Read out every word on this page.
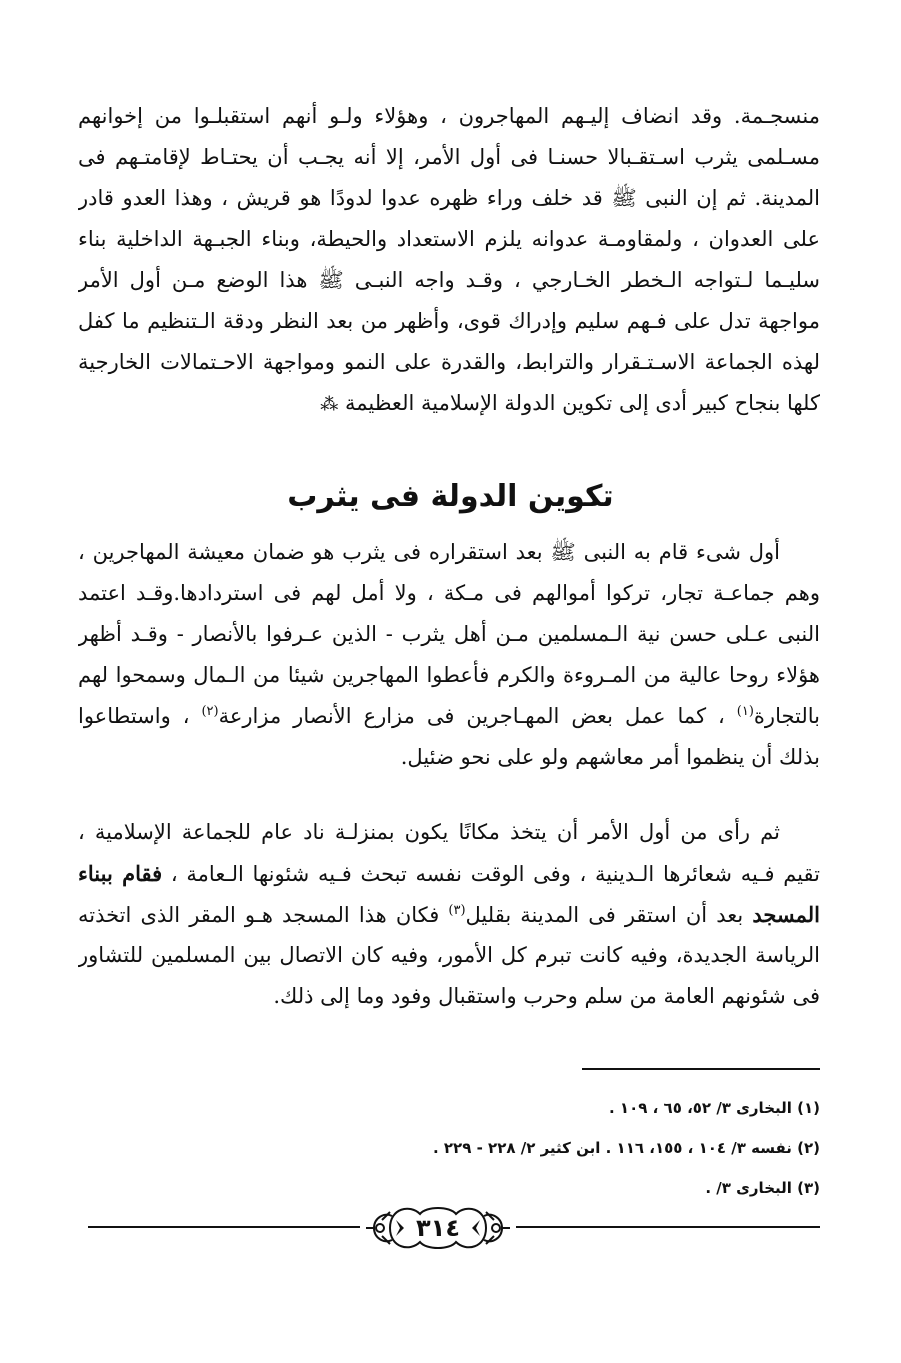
منسجـمة. وقد انضاف إليـهم المهاجرون ، وهؤلاء ولـو أنهم استقبلـوا من إخوانهم
مسـلمى يثرب اسـتقـبالا حسنـا فى أول الأمر، إلا أنه يجـب أن يحتـاط لإقامتـهم فى
المدينة. ثم إن النبى ﷺ قد خلف وراء ظهره عدوا لدودًا هو قريش ، وهذا العدو قادر
على العدوان ، ولمقاومـة عدوانه يلزم الاستعداد والحيطة، وبناء الجبـهة الداخلية بناء
سليـما لـتواجه الـخطر الخـارجي ، وقـد واجه النبـى ﷺ هذا الوضع مـن أول الأمر
مواجهة تدل على فـهم سليم وإدراك قوى، وأظهر من بعد النظر ودقة الـتنظيم ما كفل
لهذه الجماعة الاسـتـقرار والترابط، والقدرة على النمو ومواجهة الاحـتمالات الخارجية
كلها بنجاح كبير أدى إلى تكوين الدولة الإسلامية العظيمة ⁂
تكوين الدولة فى يثرب
أول شىء قام به النبى ﷺ بعد استقراره فى يثرب هو ضمان معيشة المهاجرين ،
وهم جماعـة تجار، تركوا أموالهم فى مـكة ، ولا أمل لهم فى استردادها.وقـد اعتمد
النبى عـلى حسن نية الـمسلمين مـن أهل يثرب - الذين عـرفوا بالأنصار - وقـد أظهر
هؤلاء روحا عالية من المـروءة والكرم فأعطوا المهاجرين شيئا من الـمال وسمحوا لهم
بالتجارة$^{(١)}$ ، كما عمل بعض المهـاجرين فى مزارع الأنصار مزارعة$^{(٢)}$ ، واستطاعوا
بذلك أن ينظموا أمر معاشهم ولو على نحو ضئيل.
ثم رأى من أول الأمر أن يتخذ مكانًا يكون بمنزلـة ناد عام للجماعة الإسلامية ،
تقيم فـيه شعائرها الـدينية ، وفى الوقت نفسه تبحث فـيه شئونها الـعامة ، فقام ببناء
المسجد بعد أن استقر فى المدينة بقليل$^{(٣)}$ فكان هذا المسجد هـو المقر الذى اتخذته
الرياسة الجديدة، وفيه كانت تبرم كل الأمور، وفيه كان الاتصال بين المسلمين للتشاور
فى شئونهم العامة من سلم وحرب واستقبال وفود وما إلى ذلك.
(١) البخارى ٣/ ٥٢، ٦٥ ، ١٠٩ .
(٢) نفسه ٣/ ١٠٤ ، ١٥٥، ١١٦ . ابن كثير ٢/ ٢٢٨ - ٢٢٩ .
(٣) البخارى ٣/ .
٣١٤
